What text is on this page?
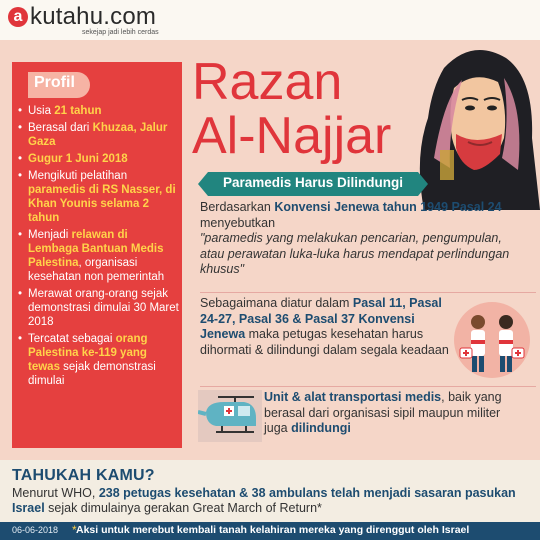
a kutahu.com
sekejap jadi lebih cerdas
Profil
• Usia 21 tahun
• Berasal dari Khuzaa, Jalur Gaza
• Gugur 1 Juni 2018
• Mengikuti pelatihan paramedis di RS Nasser, di Khan Younis selama 2 tahun
• Menjadi relawan di Lembaga Bantuan Medis Palestina, organisasi kesehatan non pemerintah
• Merawat orang-orang sejak demonstrasi dimulai 30 Maret 2018
• Tercatat sebagai orang Palestina ke-119 yang tewas sejak demonstrasi dimulai
Razan
Al-Najjar
Paramedis Harus Dilindungi
Berdasarkan Konvensi Jenewa tahun 1949 Pasal 24 menyebutkan
"paramedis yang melakukan pencarian, pengumpulan, atau perawatan luka-luka harus mendapat perlindungan khusus"
Sebagaimana diatur dalam Pasal 11, Pasal 24-27, Pasal 36 & Pasal 37 Konvensi Jenewa maka petugas kesehatan harus dihormati & dilindungi dalam segala keadaan
Unit & alat transportasi medis, baik yang berasal dari organisasi sipil maupun militer juga dilindungi
TAHUKAH KAMU?
Menurut WHO, 238 petugas kesehatan & 38 ambulans telah menjadi sasaran pasukan Israel sejak dimulainya gerakan Great March of Return*
06-06-2018 * Aksi untuk merebut kembali tanah kelahiran mereka yang direnggut oleh Israel
